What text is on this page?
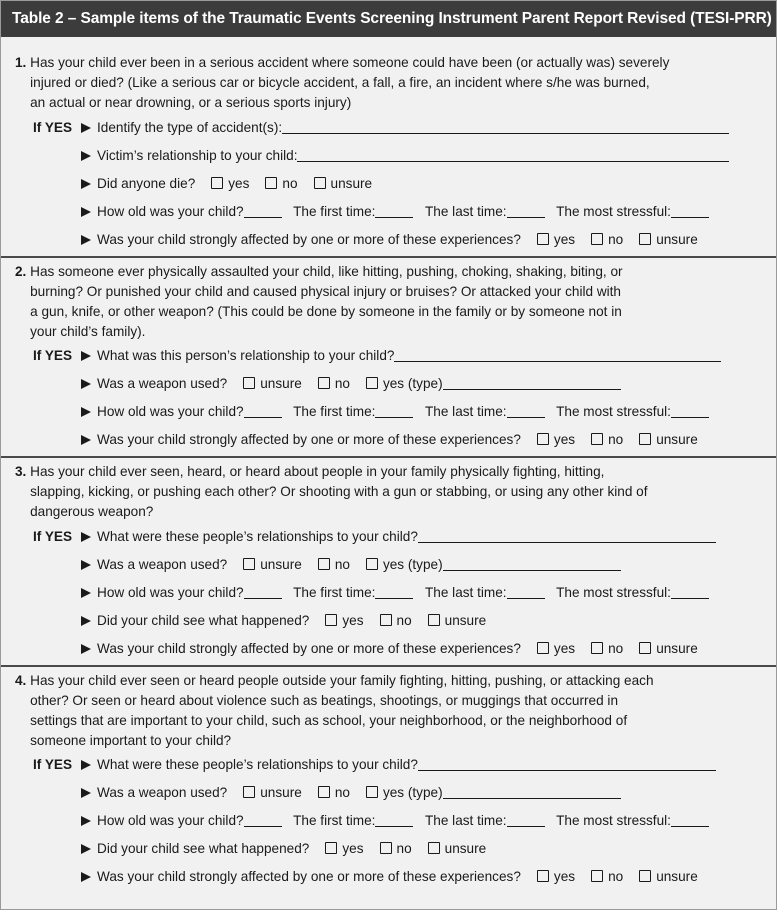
Table 2 – Sample items of the Traumatic Events Screening Instrument Parent Report Revised (TESI-PRR)
1. Has your child ever been in a serious accident where someone could have been (or actually was) severely
injured or died? (Like a serious car or bicycle accident, a fall, a fire, an incident where s/he was burned,
an actual or near drowning, or a serious sports injury)
If YES	Identify the type of accident(s):
Victim’s relationship to your child:
Did anyone die? yes no unsure
How old was your child?	The first time:	The last time:	The most stressful:
Was your child strongly affected by one or more of these experiences? yes no unsure
2. Has someone ever physically assaulted your child, like hitting, pushing, choking, shaking, biting, or
burning? Or punished your child and caused physical injury or bruises? Or attacked your child with
a gun, knife, or other weapon? (This could be done by someone in the family or by someone not in
your child’s family).
If YES	What was this person’s relationship to your child?
Was a weapon used? unsure no yes (type)
How old was your child?	The first time:	The last time:	The most stressful:
Was your child strongly affected by one or more of these experiences? yes no unsure
3. Has your child ever seen, heard, or heard about people in your family physically fighting, hitting,
slapping, kicking, or pushing each other? Or shooting with a gun or stabbing, or using any other kind of
dangerous weapon?
If YES	What were these people’s relationships to your child?
Was a weapon used? unsure no yes (type)
How old was your child?	The first time:	The last time:	The most stressful:
Did your child see what happened? yes no unsure
Was your child strongly affected by one or more of these experiences? yes no unsure
4. Has your child ever seen or heard people outside your family fighting, hitting, pushing, or attacking each
other? Or seen or heard about violence such as beatings, shootings, or muggings that occurred in
settings that are important to your child, such as school, your neighborhood, or the neighborhood of
someone important to your child?
If YES	What were these people’s relationships to your child?
Was a weapon used? unsure no yes (type)
How old was your child?	The first time:	The last time:	The most stressful:
Did your child see what happened? yes no unsure
Was your child strongly affected by one or more of these experiences? yes no unsure
